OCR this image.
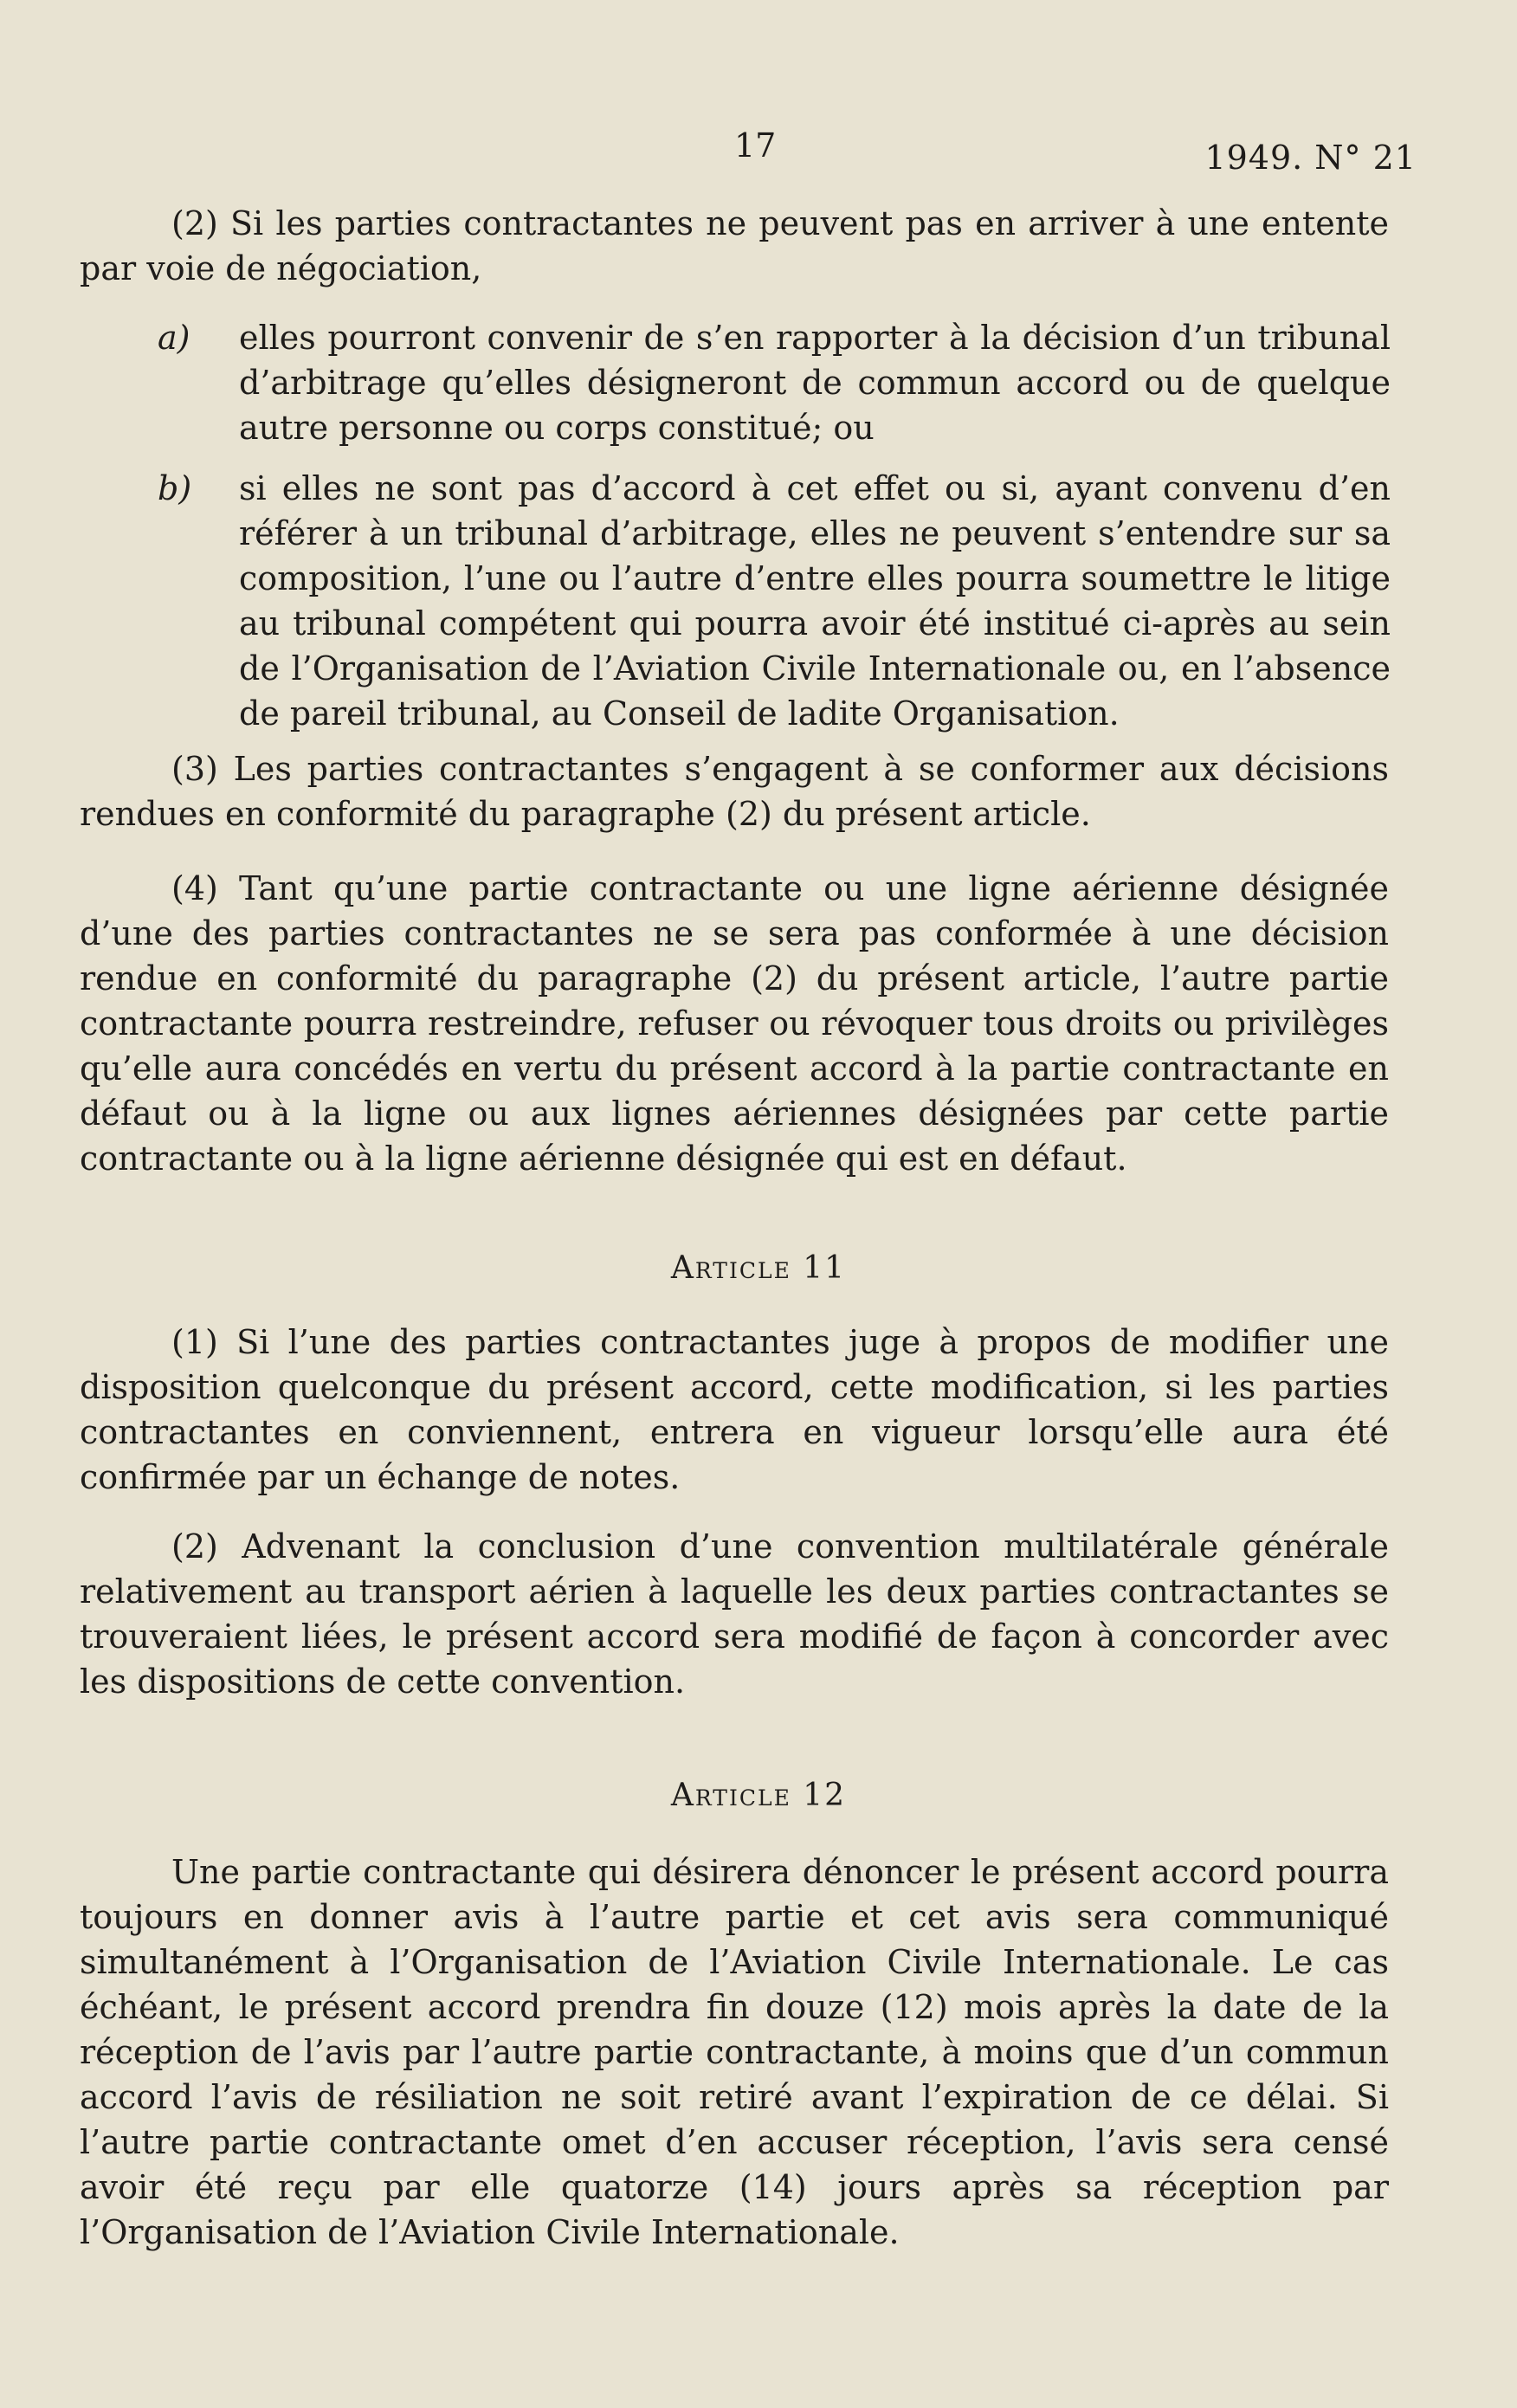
17	1949. N° 21

(2) Si les parties contractantes ne peuvent pas en arriver à une entente par voie de négociation,

a) elles pourront convenir de s’en rapporter à la décision d’un tribunal d’arbitrage qu’elles désigneront de commun accord ou de quelque autre personne ou corps constitué; ou
b) si elles ne sont pas d’accord à cet effet ou si, ayant convenu d’en référer à un tribunal d’arbitrage, elles ne peuvent s’entendre sur sa composition, l’une ou l’autre d’entre elles pourra soumettre le litige au tribunal compétent qui pourra avoir été institué ci-après au sein de l’Organisation de l’Aviation Civile Internationale ou, en l’absence de pareil tribunal, au Conseil de ladite Organisation.

(3) Les parties contractantes s’engagent à se conformer aux décisions rendues en conformité du paragraphe (2) du présent article.

(4) Tant qu’une partie contractante ou une ligne aérienne désignée d’une des parties contractantes ne se sera pas conformée à une décision rendue en conformité du paragraphe (2) du présent article, l’autre partie contractante pourra restreindre, refuser ou révoquer tous droits ou privilèges qu’elle aura concédés en vertu du présent accord à la partie contractante en défaut ou à la ligne ou aux lignes aériennes désignées par cette partie contractante ou à la ligne aérienne désignée qui est en défaut.

Article 11

(1) Si l’une des parties contractantes juge à propos de modifier une disposition quelconque du présent accord, cette modification, si les parties contractantes en conviennent, entrera en vigueur lorsqu’elle aura été confirmée par un échange de notes.

(2) Advenant la conclusion d’une convention multilatérale générale relativement au transport aérien à laquelle les deux parties contractantes se trouveraient liées, le présent accord sera modifié de façon à concorder avec les dispositions de cette convention.

Article 12

Une partie contractante qui désirera dénoncer le présent accord pourra toujours en donner avis à l’autre partie et cet avis sera communiqué simultanément à l’Organisation de l’Aviation Civile Internationale. Le cas échéant, le présent accord prendra fin douze (12) mois après la date de la réception de l’avis par l’autre partie contractante, à moins que d’un commun accord l’avis de résiliation ne soit retiré avant l’expiration de ce délai. Si l’autre partie contractante omet d’en accuser réception, l’avis sera censé avoir été reçu par elle quatorze (14) jours après sa réception par l’Organisation de l’Aviation Civile Internationale.
